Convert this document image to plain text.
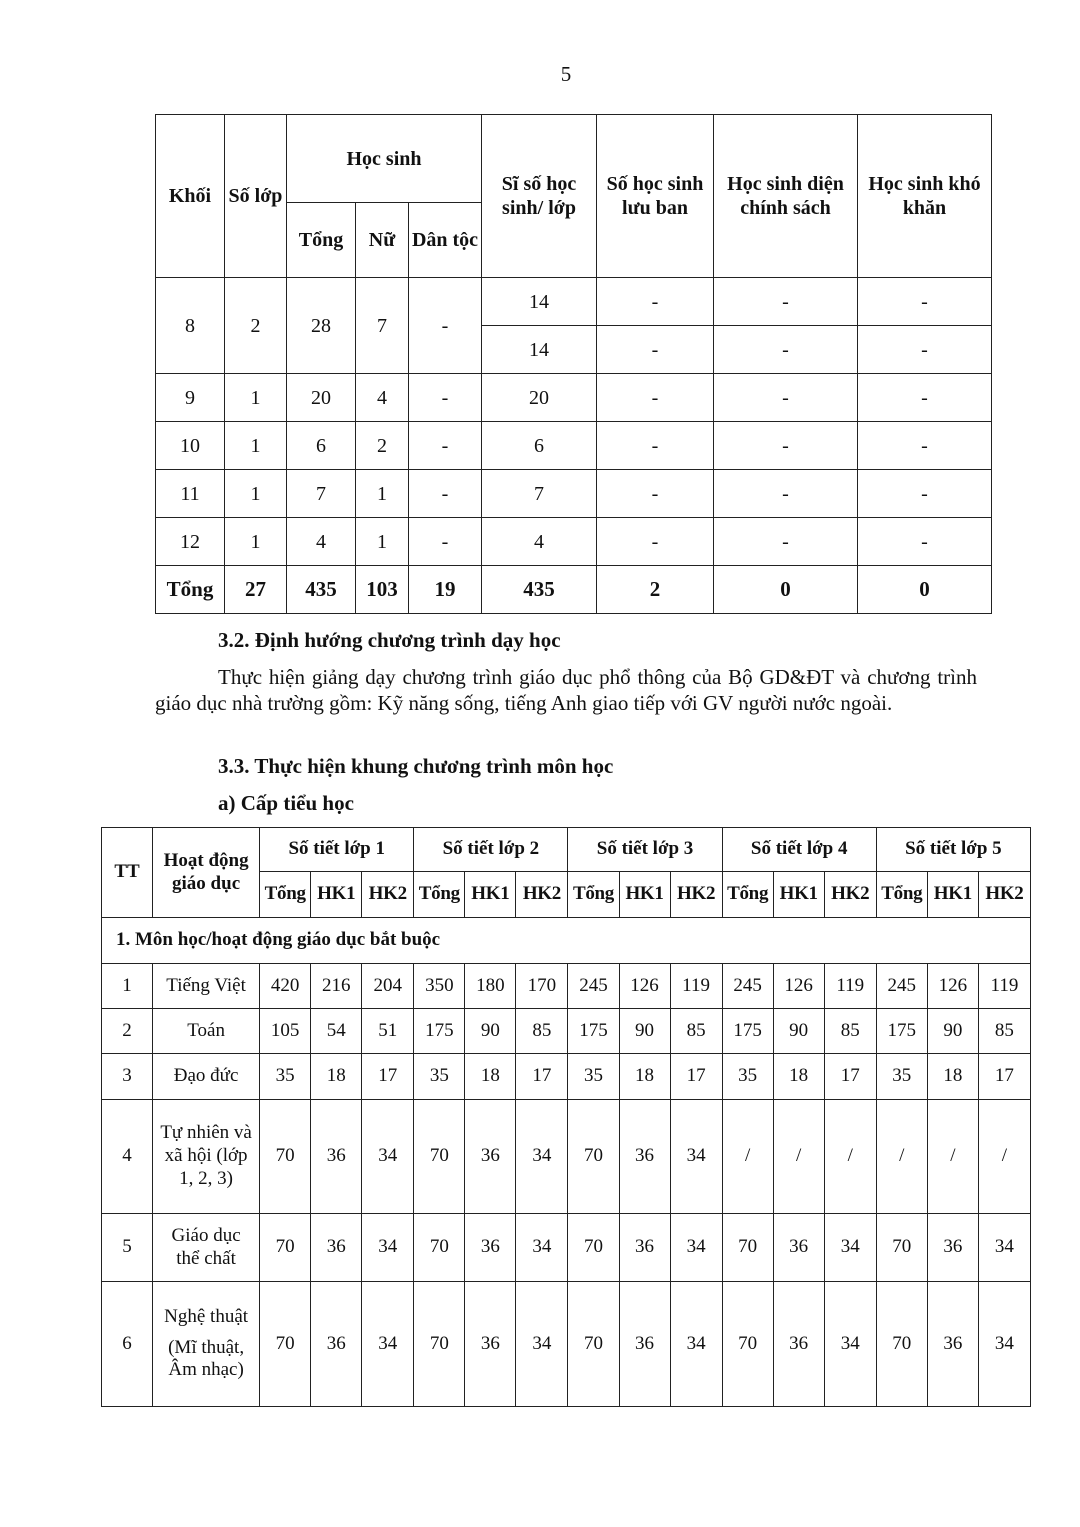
5
Khối	Số lớp	Học sinh			Sĩ số học sinh/ lớp	Số học sinh lưu ban	Học sinh diện chính sách	Học sinh khó khăn
		Tổng	Nữ	Dân tộc				
8	2	28	7	-	14	-	-	-
					14	-	-	-
9	1	20	4	-	20	-	-	-
10	1	6	2	-	6	-	-	-
11	1	7	1	-	7	-	-	-
12	1	4	1	-	4	-	-	-
Tổng	27	435	103	19	435	2	0	0
3.2. Định hướng chương trình dạy học
Thực hiện giảng dạy chương trình giáo dục phổ thông của Bộ GD&ĐT và chương trình giáo dục nhà trường gồm: Kỹ năng sống, tiếng Anh giao tiếp với GV người nước ngoài.
3.3. Thực hiện khung chương trình môn học
a) Cấp tiểu học
TT	Hoạt động giáo dục	Số tiết lớp 1			Số tiết lớp 2			Số tiết lớp 3			Số tiết lớp 4			Số tiết lớp 5		
		Tổng	HK1	HK2	Tổng	HK1	HK2	Tổng	HK1	HK2	Tổng	HK1	HK2	Tổng	HK1	HK2
1. Môn học/hoạt động giáo dục bắt buộc																
1	Tiếng Việt	420	216	204	350	180	170	245	126	119	245	126	119	245	126	119
2	Toán	105	54	51	175	90	85	175	90	85	175	90	85	175	90	85
3	Đạo đức	35	18	17	35	18	17	35	18	17	35	18	17	35	18	17
4	Tự nhiên và xã hội (lớp 1, 2, 3)	70	36	34	70	36	34	70	36	34	/	/	/	/	/	/
5	Giáo dục thể chất	70	36	34	70	36	34	70	36	34	70	36	34	70	36	34
6	Nghệ thuật
(Mĩ thuật, Âm nhạc)	70	36	34	70	36	34	70	36	34	70	36	34	70	36	34
